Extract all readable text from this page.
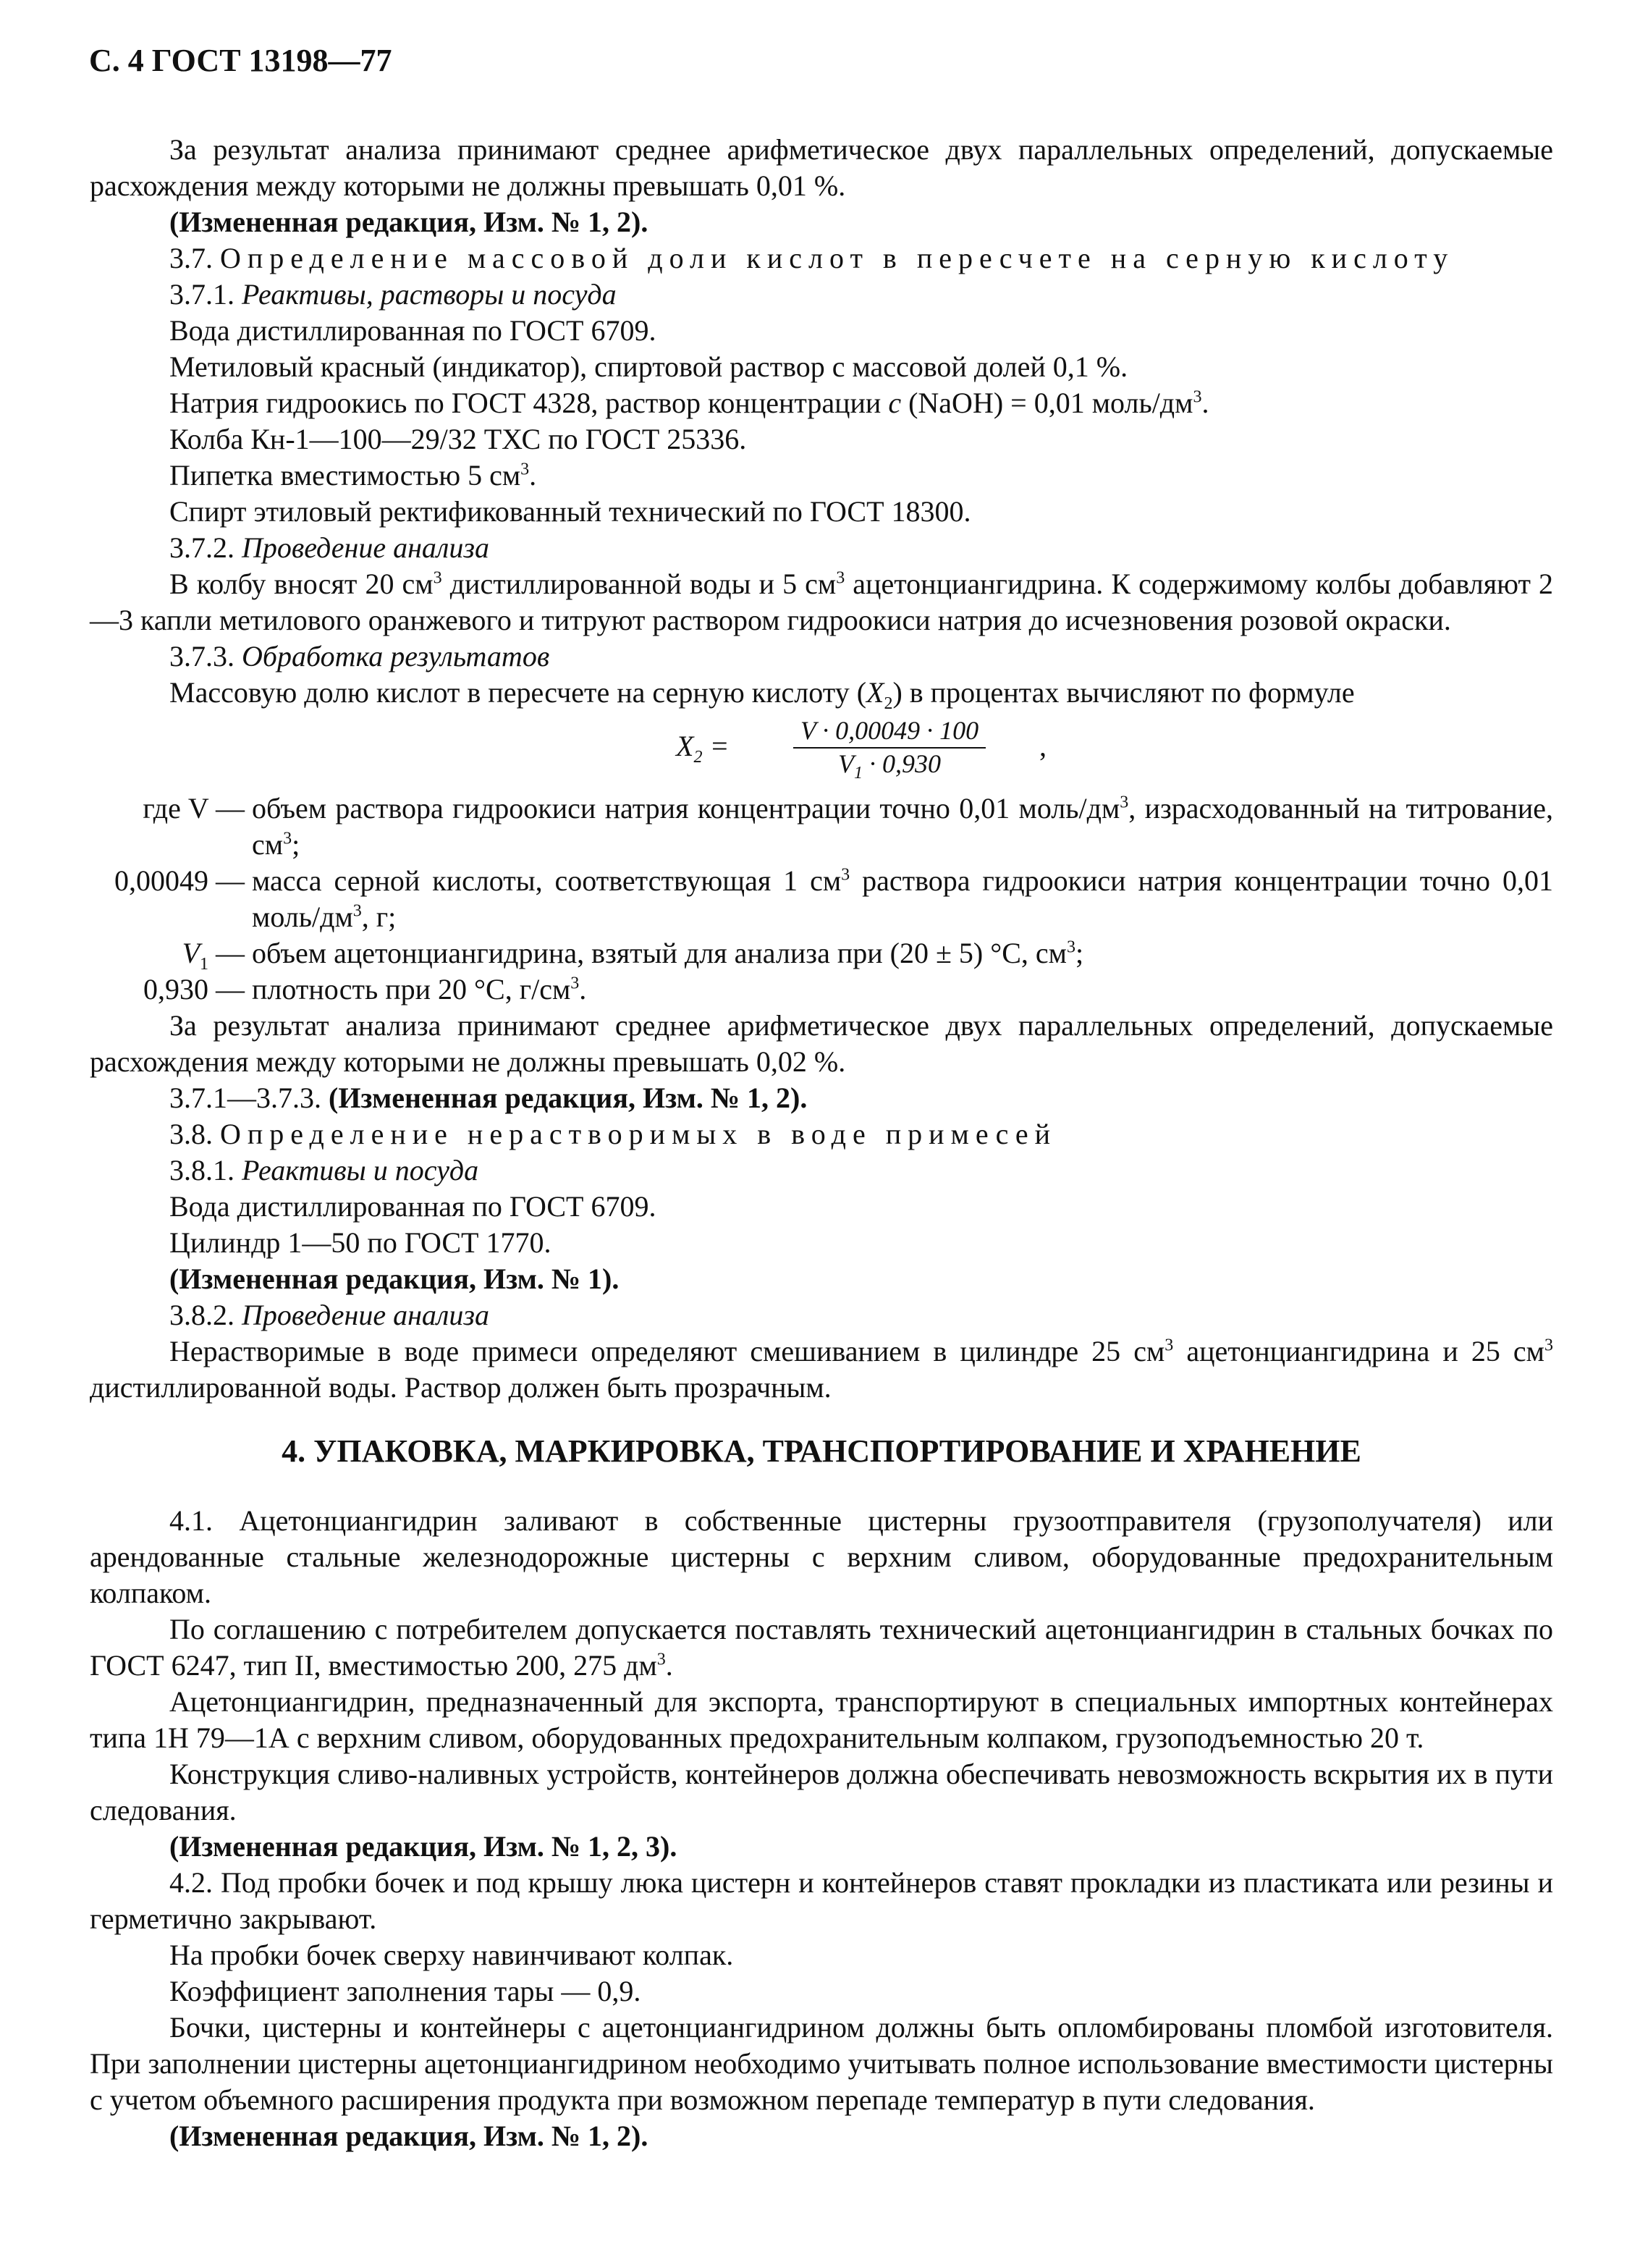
С. 4 ГОСТ 13198—77

За результат анализа принимают среднее арифметическое двух параллельных определений, допускаемые расхождения между которыми не должны превышать 0,01 %.

(Измененная редакция, Изм. № 1, 2).

3.7. Определение массовой доли кислот в пересчете на серную кислоту

3.7.1. Реактивы, растворы и посуда

Вода дистиллированная по ГОСТ 6709.

Метиловый красный (индикатор), спиртовой раствор с массовой долей 0,1 %.

Натрия гидроокись по ГОСТ 4328, раствор концентрации c (NaOH) = 0,01 моль/$дм^3$.

Колба Кн-1—100—29/32 ТХС по ГОСТ 25336.

Пипетка вместимостью 5 $см^3$.

Спирт этиловый ректификованный технический по ГОСТ 18300.

3.7.2. Проведение анализа

В колбу вносят 20 $см^3$ дистиллированной воды и 5 $см^3$ ацетонциангидрина. К содержимому колбы добавляют 2—3 капли метилового оранжевого и титруют раствором гидроокиси натрия до исчезновения розовой окраски.

3.7.3. Обработка результатов

Массовую долю кислот в пересчете на серную кислоту $(X_2)$ в процентах вычисляют по формуле

$X_2 = \frac{V \cdot 0,00049 \cdot 100}{V_1 \cdot 0,930}$
,
где V — объем раствора гидроокиси натрия концентрации точно 0,01 моль/$дм^3$, израсходованный на титрование, $см^3$;
0,00049 — масса серной кислоты, соответствующая 1 $см^3$ раствора гидроокиси натрия концентрации точно 0,01 моль/$дм^3$, г;
$V_1$ — объем ацетонциангидрина, взятый для анализа при (20 ± 5) °С, $см^3$;
0,930 — плотность при 20 °С, $г/см^3$.

За результат анализа принимают среднее арифметическое двух параллельных определений, допускаемые расхождения между которыми не должны превышать 0,02 %.

3.7.1—3.7.3. (Измененная редакция, Изм. № 1, 2).

3.8. Определение нерастворимых в воде примесей

3.8.1. Реактивы и посуда

Вода дистиллированная по ГОСТ 6709.

Цилиндр 1—50 по ГОСТ 1770.

(Измененная редакция, Изм. № 1).

3.8.2. Проведение анализа

Нерастворимые в воде примеси определяют смешиванием в цилиндре 25 $см^3$ ацетонциангидрина и 25 $см^3$ дистиллированной воды. Раствор должен быть прозрачным.

4. УПАКОВКА, МАРКИРОВКА, ТРАНСПОРТИРОВАНИЕ И ХРАНЕНИЕ

4.1. Ацетонциангидрин заливают в собственные цистерны грузоотправителя (грузополучателя) или арендованные стальные железнодорожные цистерны с верхним сливом, оборудованные предохранительным колпаком.

По соглашению с потребителем допускается поставлять технический ацетонциангидрин в стальных бочках по ГОСТ 6247, тип II, вместимостью 200, 275 $дм^3$.

Ацетонциангидрин, предназначенный для экспорта, транспортируют в специальных импортных контейнерах типа 1Н 79—1А с верхним сливом, оборудованных предохранительным колпаком, грузоподъемностью 20 т.

Конструкция сливо-наливных устройств, контейнеров должна обеспечивать невозможность вскрытия их в пути следования.

(Измененная редакция, Изм. № 1, 2, 3).

4.2. Под пробки бочек и под крышу люка цистерн и контейнеров ставят прокладки из пластиката или резины и герметично закрывают.

На пробки бочек сверху навинчивают колпак.

Коэффициент заполнения тары — 0,9.

Бочки, цистерны и контейнеры с ацетонциангидрином должны быть опломбированы пломбой изготовителя. При заполнении цистерны ацетонциангидрином необходимо учитывать полное использование вместимости цистерны с учетом объемного расширения продукта при возможном перепаде температур в пути следования.

(Измененная редакция, Изм. № 1, 2).
